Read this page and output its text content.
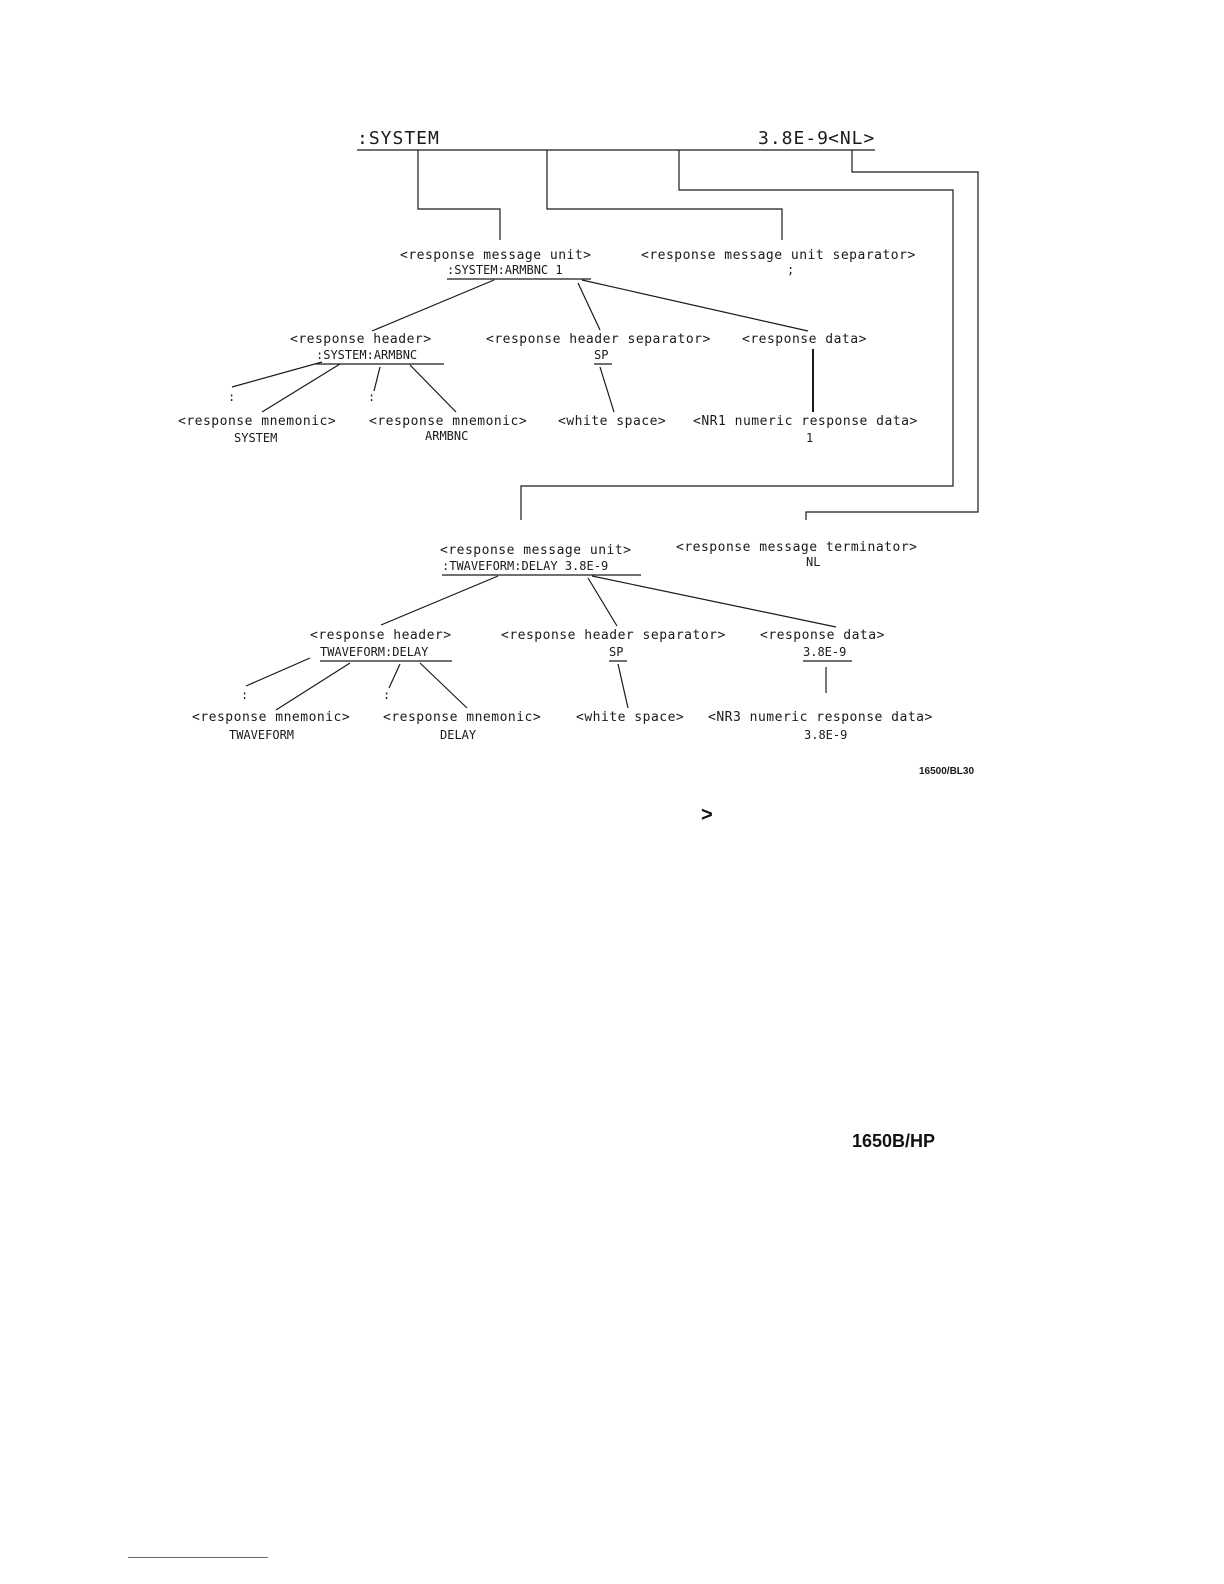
:SYSTEM	3.8E-9
<NL>
<response message unit>
:SYSTEM:ARMBNC 1
<response message unit separator>
;
<response header>
:SYSTEM:ARMBNC
<response header separator>
SP
<response data>
:	:
<response mnemonic>
SYSTEM
<response mnemonic>
ARMBNC
<white space> <NR1 numeric response data>
1
<response message unit>
:TWAVEFORM:DELAY 3.8E-9
<response message terminator>
NL
<response header>
TWAVEFORM:DELAY
<response header separator>
SP
<response data>
3.8E-9
:	:
<response mnemonic>
TWAVEFORM
<response mnemonic>
DELAY
<white space> <NR3 numeric response data>
3.8E-9
16500/BL30
>
1650B/HP
